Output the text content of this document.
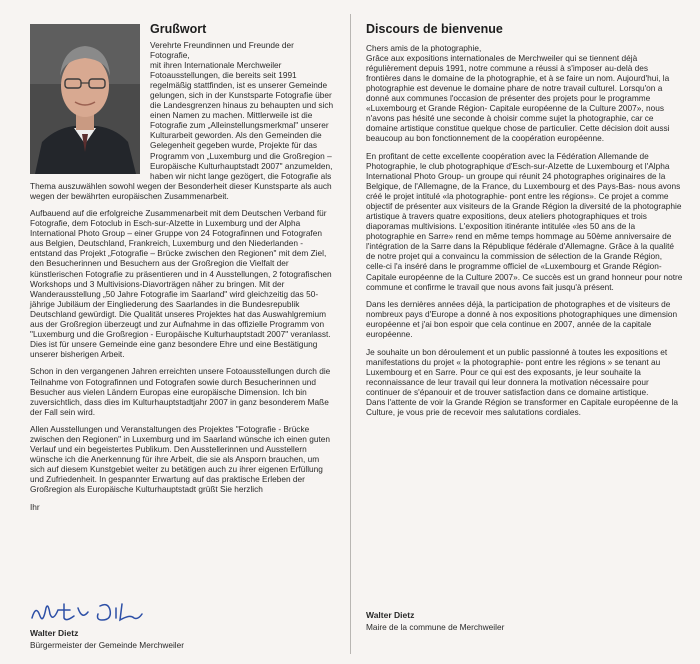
Grußwort

Verehrte Freundinnen und Freunde der Fotografie,
mit ihren Internationale Merchweiler Fotoausstellungen, die bereits seit 1991 regelmäßig stattfinden, ist es unserer Gemeinde gelungen, sich in der Kunstsparte Fotografie über die Landesgrenzen hinaus zu behaupten und sich einen Namen zu machen. Mittlerweile ist die Fotografie zum „Alleinstellungsmerkmal" unserer Kulturarbeit geworden. Als den Gemeinden die Gelegenheit gegeben wurde, Projekte für das Programm von „Luxemburg und die Großregion – Europäische Kulturhauptstadt 2007" anzumelden, haben wir nicht lange gezögert, die Fotografie als Thema auszuwählen sowohl wegen der Besonderheit dieser Kunstsparte als auch wegen der bewährten europäischen Zusammenarbeit.

Aufbauend auf die erfolgreiche Zusammenarbeit mit dem Deutschen Verband für Fotografie, dem Fotoclub in Esch-sur-Alzette in Luxemburg und der Alpha International Photo Group – einer Gruppe von 24 Fotografinnen und Fotografen aus Belgien, Deutschland, Frankreich, Luxemburg und den Niederlanden - entstand das Projekt „Fotografie – Brücke zwischen den Regionen" mit dem Ziel, den Besucherinnen und Besuchern aus der Großregion die Vielfalt der künstlerischen Fotografie zu präsentieren und in 4 Ausstellungen, 2 fotografischen Workshops und 3 Multivisions-Diavorträgen näher zu bringen. Mit der Wanderausstellung „50 Jahre Fotografie im Saarland" wird gleichzeitig das 50-jährige Jubiläum der Eingliederung des Saarlandes in die Bundesrepublik Deutschland gewürdigt. Die Qualität unseres Projektes hat das Auswahlgremium aus der Großregion überzeugt und zur Aufnahme in das offizielle Programm von "Luxemburg und die Großregion - Europäische Kulturhauptstadt 2007" veranlasst. Dies ist für unsere Gemeinde eine ganz besondere Ehre und eine Bestätigung unserer bisherigen Arbeit.

Schon in den vergangenen Jahren erreichten unsere Fotoausstellungen durch die Teilnahme von Fotografinnen und Fotografen sowie durch Besucherinnen und Besucher aus vielen Ländern Europas eine europäische Dimension. Ich bin zuversichtlich, dass dies im Kulturhauptstadtjahr 2007 in ganz besonderem Maße der Fall sein wird.

Allen Ausstellungen und Veranstaltungen des Projektes "Fotografie - Brücke zwischen den Regionen" in Luxemburg und im Saarland wünsche ich einen guten Verlauf und ein begeistertes Publikum. Den Ausstellerinnen und Ausstellern wünsche ich die Anerkennung für ihre Arbeit, die sie als Ansporn brauchen, um sich auf diesem Kunstgebiet weiter zu betätigen auch zu ihrer eigenen Erfüllung und Zufriedenheit. In gespannter Erwartung auf das praktische Erleben der Großregion als Europäische Kulturhauptstadt grüßt Sie herzlich

Ihr

Walter Dietz
Bürgermeister der Gemeinde Merchweiler
Discours de bienvenue

Chers amis de la photographie,
Grâce aux expositions internationales de Merchweiler qui se tiennent déjà régulièrement depuis 1991, notre commune a réussi à s'imposer au-delà des frontières dans le domaine de la photographie, et à se faire un nom. Aujourd'hui, la photographie est devenue le domaine phare de notre travail culturel. Lorsqu'on a donné aux communes l'occasion de présenter des projets pour le programme «Luxembourg et Grande Région- Capitale européenne de la Culture 2007», nous n'avons pas hésité une seconde à choisir comme sujet la photographie, car ce domaine artistique constitue quelque chose de particulier. Cette décision doit aussi beaucoup au bon fonctionnement de la coopération européenne.

En profitant de cette excellente coopération avec la Fédération Allemande de Photographie, le club photographique d'Esch-sur-Alzette de Luxembourg et l'Alpha International Photo Group- un groupe qui réunit 24 photographes originaires de la Belgique, de l'Allemagne, de la France, du Luxembourg et des Pays-Bas- nous avons créé le projet intitulé «la photographie- pont entre les régions». Ce projet a comme objectif de présenter aux visiteurs de la Grande Région la diversité de la photographie artistique à travers quatre expositions, deux ateliers photographiques et trois diaporamas multivisions. L'exposition itinérante intitulée «les 50 ans de la photographie en Sarre» rend en même temps hommage au 50ème anniversaire de l'intégration de la Sarre dans la République fédérale d'Allemagne. Grâce à la qualité de notre projet qui a convaincu la commission de sélection de la Grande Région, celle-ci l'a inséré dans le programme officiel de «Luxembourg et Grande Région- Capitale européenne de la Culture 2007». Ce succès est un grand honneur pour notre commune et confirme le travail que nous avons fait jusqu'à présent.

Dans les dernières années déjà, la participation de photographes et de visiteurs de nombreux pays d'Europe a donné à nos expositions photographiques une dimension européenne et j'ai bon espoir que cela continue en 2007, année de la capitale européenne.

Je souhaite un bon déroulement et un public passionné à toutes les expositions et manifestations du projet « la photographie- pont entre les régions » se tenant au Luxembourg et en Sarre. Pour ce qui est des exposants, je leur souhaite la reconnaissance de leur travail qui leur donnera la motivation nécessaire pour continuer de s'épanouir et de trouver satisfaction dans ce domaine artistique.
Dans l'attente de voir la Grande Région se transformer en Capitale européenne de la Culture, je vous prie de recevoir mes salutations cordiales.

Walter Dietz
Maire de la commune de Merchweiler
